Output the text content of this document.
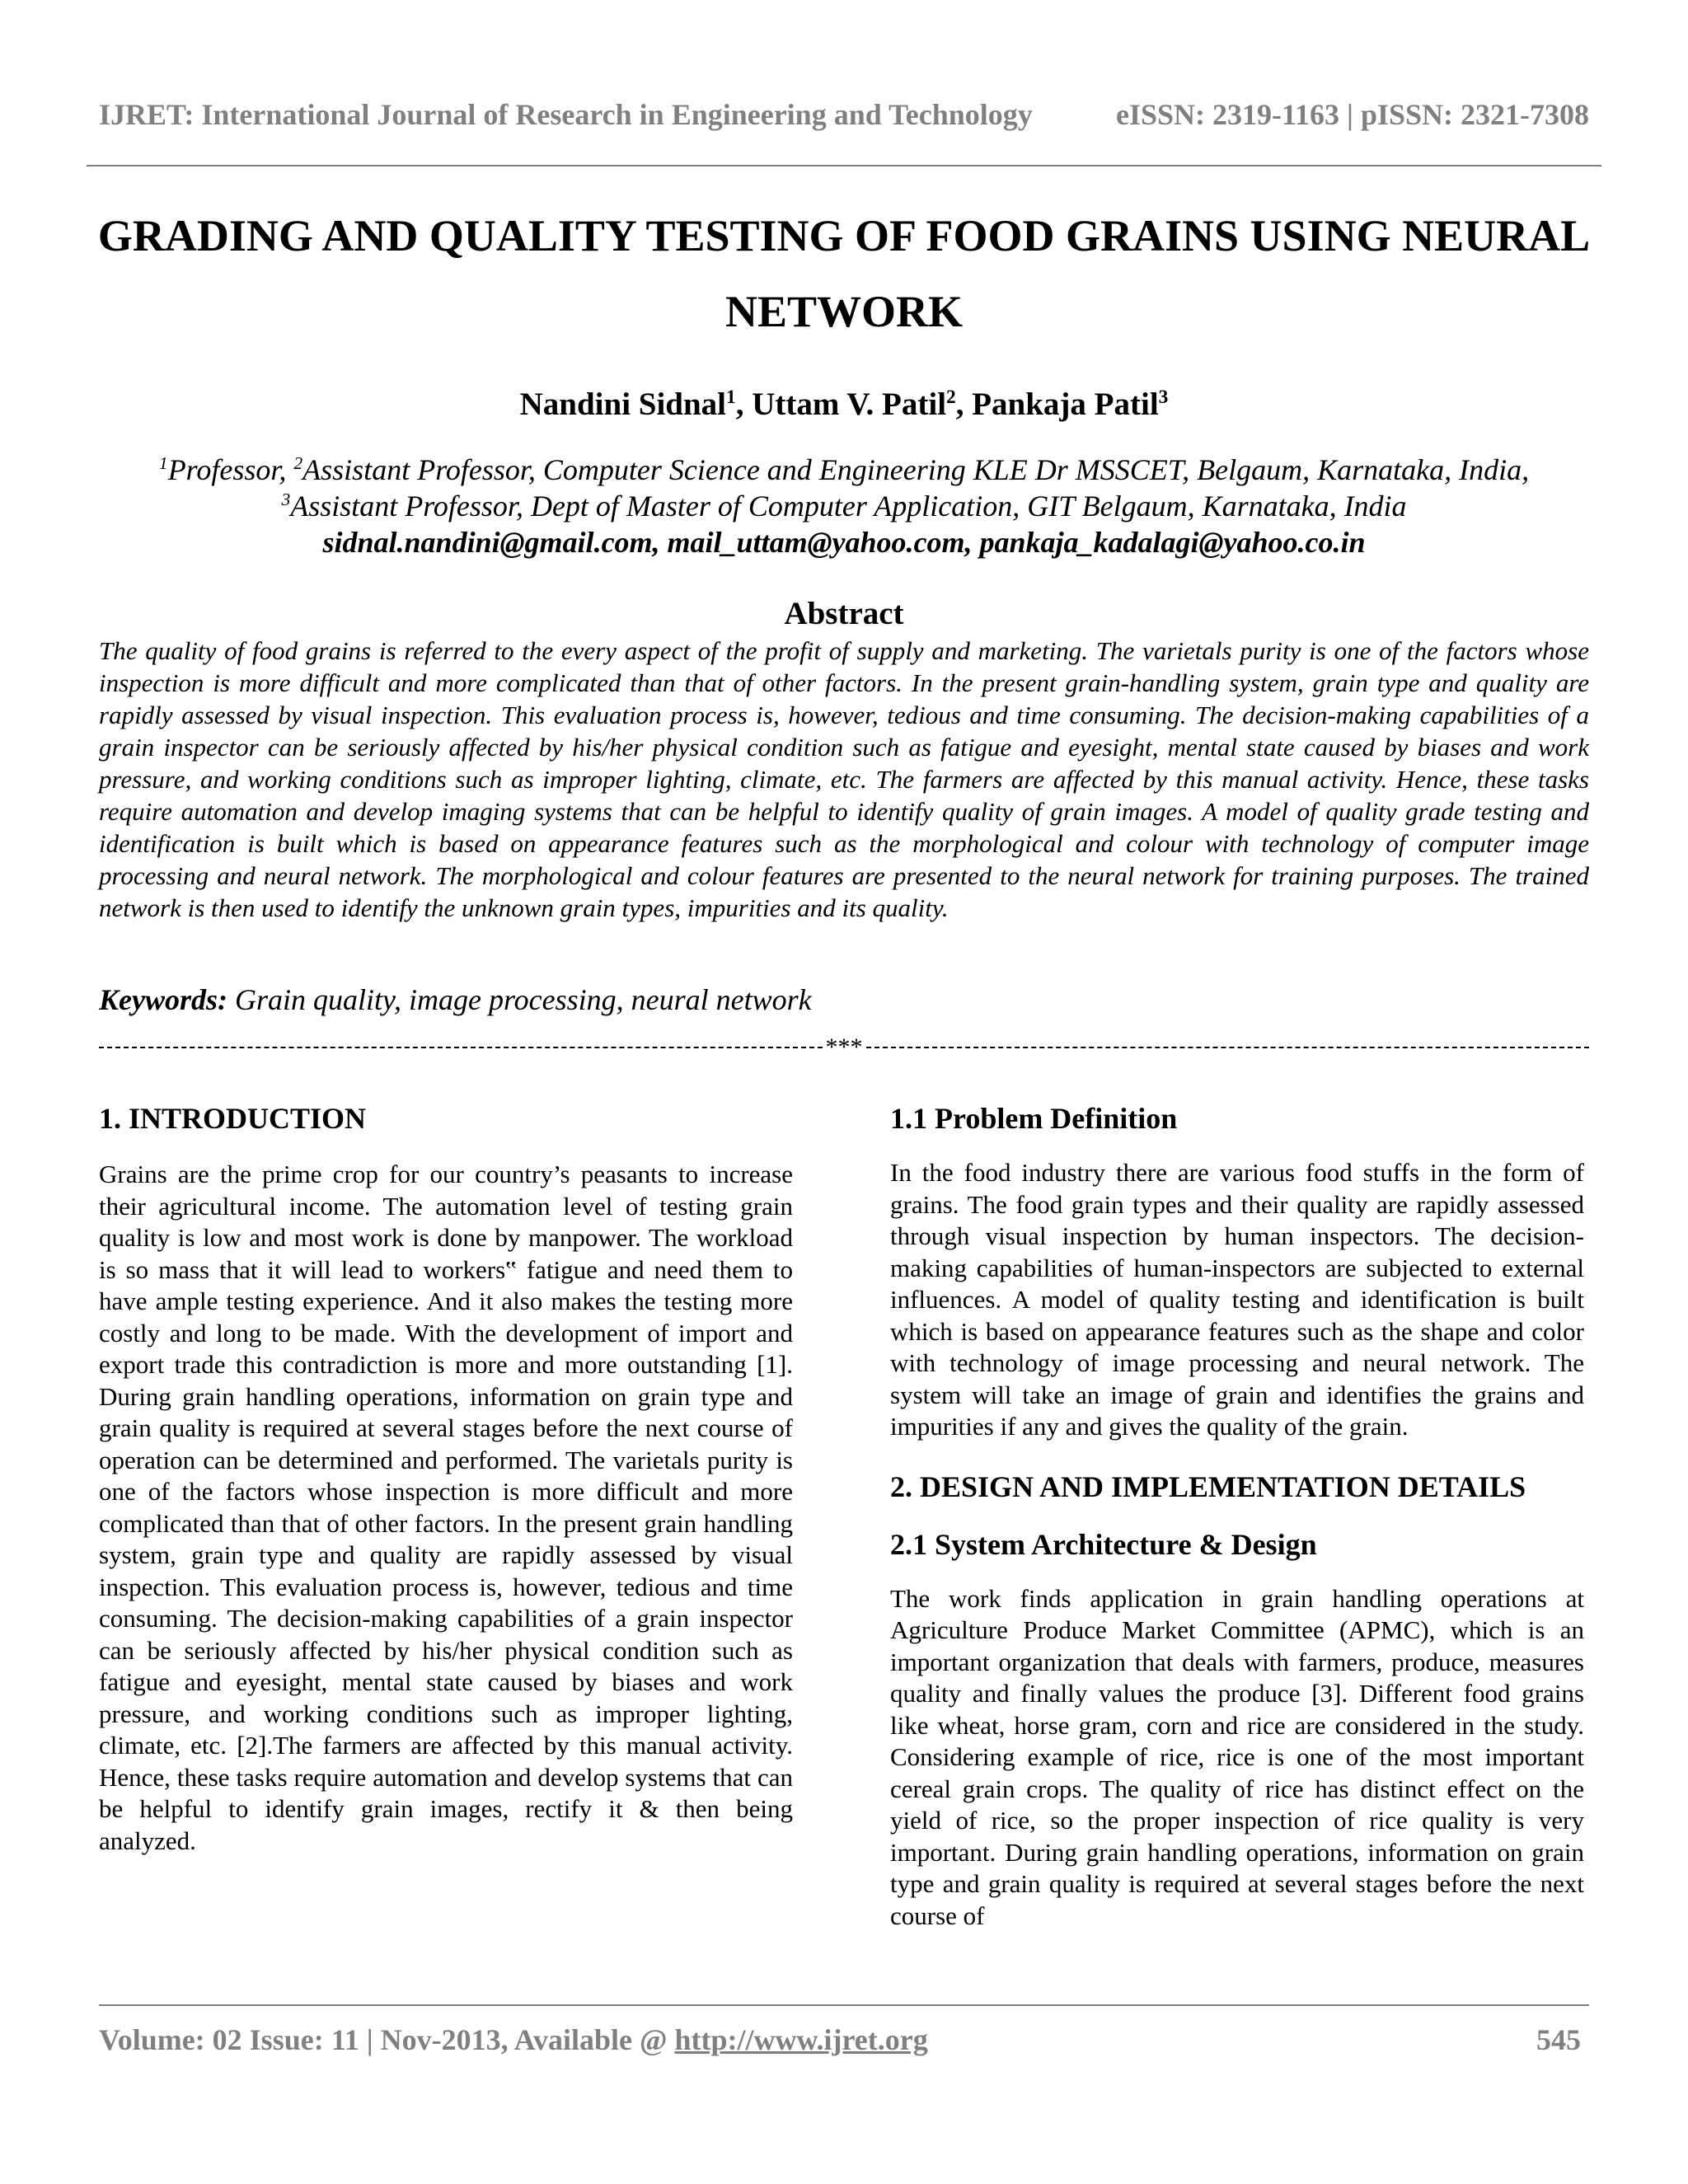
IJRET: International Journal of Research in Engineering and Technology	eISSN: 2319-1163 | pISSN: 2321-7308
GRADING AND QUALITY TESTING OF FOOD GRAINS USING NEURAL NETWORK

Nandini Sidnal$^1$, Uttam V. Patil$^2$, Pankaja Patil$^3$

$^1$Professor, $^2$Assistant Professor, Computer Science and Engineering KLE Dr MSSCET, Belgaum, Karnataka, India,
$^3$Assistant Professor, Dept of Master of Computer Application, GIT Belgaum, Karnataka, India
sidnal.nandini@gmail.com, mail_uttam@yahoo.com, pankaja_kadalagi@yahoo.co.in
Abstract

The quality of food grains is referred to the every aspect of the profit of supply and marketing. The varietals purity is one of the factors whose inspection is more difficult and more complicated than that of other factors. In the present grain-handling system, grain type and quality are rapidly assessed by visual inspection. This evaluation process is, however, tedious and time consuming. The decision-making capabilities of a grain inspector can be seriously affected by his/her physical condition such as fatigue and eyesight, mental state caused by biases and work pressure, and working conditions such as improper lighting, climate, etc. The farmers are affected by this manual activity. Hence, these tasks require automation and develop imaging systems that can be helpful to identify quality of grain images. A model of quality grade testing and identification is built which is based on appearance features such as the morphological and colour with technology of computer image processing and neural network. The morphological and colour features are presented to the neural network for training purposes. The trained network is then used to identify the unknown grain types, impurities and its quality.

Keywords: Grain quality, image processing, neural network

***
1. INTRODUCTION

Grains are the prime crop for our country’s peasants to increase their agricultural income. The automation level of testing grain quality is low and most work is done by manpower. The workload is so mass that it will lead to workers‟ fatigue and need them to have ample testing experience. And it also makes the testing more costly and long to be made. With the development of import and export trade this contradiction is more and more outstanding [1]. During grain handling operations, information on grain type and grain quality is required at several stages before the next course of operation can be determined and performed. The varietals purity is one of the factors whose inspection is more difficult and more complicated than that of other factors. In the present grain handling system, grain type and quality are rapidly assessed by visual inspection. This evaluation process is, however, tedious and time consuming. The decision-making capabilities of a grain inspector can be seriously affected by his/her physical condition such as fatigue and eyesight, mental state caused by biases and work pressure, and working conditions such as improper lighting, climate, etc. [2].The farmers are affected by this manual activity. Hence, these tasks require automation and develop systems that can be helpful to identify grain images, rectify it & then being analyzed.

1.1 Problem Definition

In the food industry there are various food stuffs in the form of grains. The food grain types and their quality are rapidly assessed through visual inspection by human inspectors. The decision-making capabilities of human-inspectors are subjected to external influences. A model of quality testing and identification is built which is based on appearance features such as the shape and color with technology of image processing and neural network. The system will take an image of grain and identifies the grains and impurities if any and gives the quality of the grain.

2. DESIGN AND IMPLEMENTATION DETAILS
2.1 System Architecture & Design

The work finds application in grain handling operations at Agriculture Produce Market Committee (APMC), which is an important organization that deals with farmers, produce, measures quality and finally values the produce [3]. Different food grains like wheat, horse gram, corn and rice are considered in the study. Considering example of rice, rice is one of the most important cereal grain crops. The quality of rice has distinct effect on the yield of rice, so the proper inspection of rice quality is very important. During grain handling operations, information on grain type and grain quality is required at several stages before the next course of

Volume: 02 Issue: 11 | Nov-2013, Available @ http://www.ijret.org	545
